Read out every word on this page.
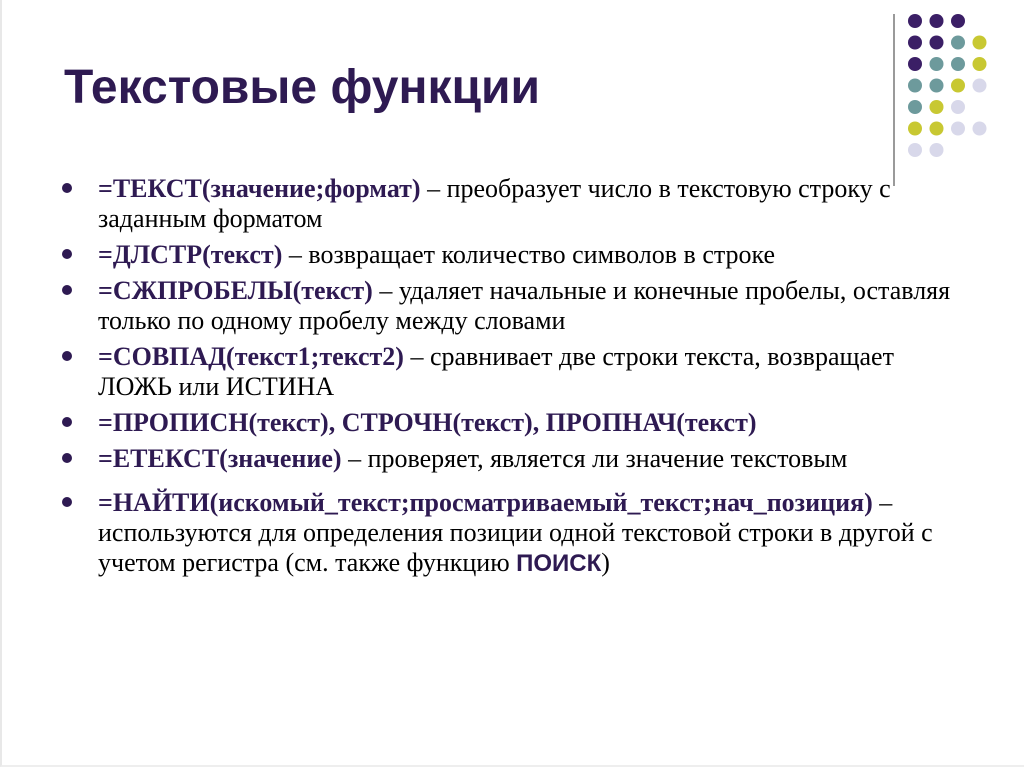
Текстовые функции
=ТЕКСТ(значение;формат) – преобразует число в текстовую строку с заданным форматом
=ДЛСТР(текст) – возвращает количество символов в строке
=СЖПРОБЕЛЫ(текст) – удаляет начальные и конечные пробелы, оставляя только по одному пробелу между словами
=СОВПАД(текст1;текст2) – сравнивает две строки текста, возвращает ЛОЖЬ или ИСТИНА
=ПРОПИСН(текст), СТРОЧН(текст), ПРОПНАЧ(текст)
=ЕТЕКСТ(значение) – проверяет, является ли значение текстовым
=НАЙТИ(искомый_текст;просматриваемый_текст;нач_позиция) – используются для определения позиции одной текстовой строки в другой с учетом регистра (см. также функцию ПОИСК)
